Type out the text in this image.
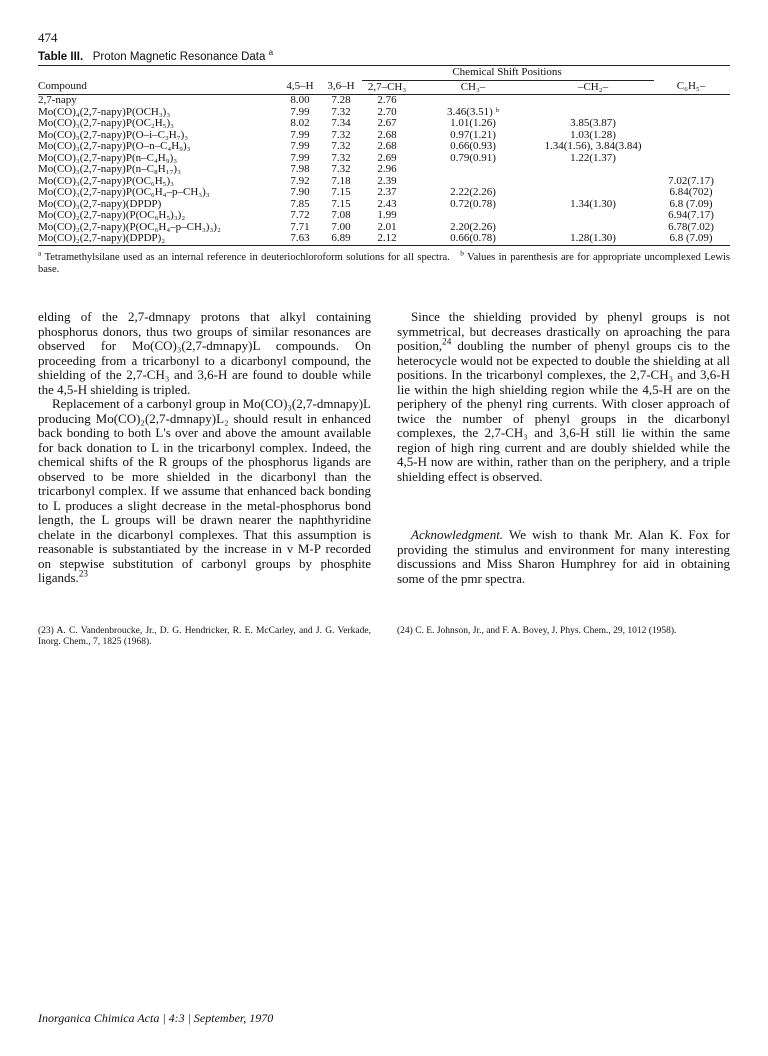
474
Table III. Proton Magnetic Resonance Data $^a$
			Chemical Shift Positions			
Compound	4,5–H	3,6–H	2,7–CH₃	CH₃–	–CH₂–	C₆H₅–
2,7-napy	8.00	7.28	2.76			
Mo(CO)₄(2,7-napy)P(OCH₃)₃	7.99	7.32	2.70	3.46(3.51) ᵇ		
Mo(CO)₃(2,7-napy)P(OC₂H₅)₃	8.02	7.34	2.67	1.01(1.26)	3.85(3.87)	
Mo(CO)₃(2,7-napy)P(O–i–C₃H₇)₃	7.99	7.32	2.68	0.97(1.21)	1.03(1.28)	
Mo(CO)₃(2,7-napy)P(O–n–C₄H₉)₃	7.99	7.32	2.68	0.66(0.93)	1.34(1.56), 3.84(3.84)	
Mo(CO)₃(2,7-napy)P(n–C₄H₉)₃	7.99	7.32	2.69	0.79(0.91)	1.22(1.37)	
Mo(CO)₃(2,7-napy)P(n–C₈H₁₇)₃	7.98	7.32	2.96			
Mo(CO)₃(2,7-napy)P(OC₆H₅)₃	7.92	7.18	2.39			7.02(7.17)
Mo(CO)₃(2,7-napy)P(OC₆H₄–p–CH₃)₃	7.90	7.15	2.37	2.22(2.26)		6.84(702)
Mo(CO)₃(2,7-napy)(DPDP)	7.85	7.15	2.43	0.72(0.78)	1.34(1.30)	6.8 (7.09)
Mo(CO)₂(2,7-napy)(P(OC₆H₅)₃)₂	7.72	7.08	1.99			6.94(7.17)
Mo(CO)₂(2,7-napy)(P(OC₆H₄–p–CH₃)₃)₂	7.71	7.00	2.01	2.20(2.26)		6.78(7.02)
Mo(CO)₂(2,7-napy)(DPDP)₂	7.63	6.89	2.12	0.66(0.78)	1.28(1.30)	6.8 (7.09)
$^a$ Tetramethylsilane used as an internal reference in deuteriochloroform solutions for all spectra. $^b$ Values in parenthesis are for appropriate uncomplexed Lewis base.

elding of the 2,7-dmnapy protons that alkyl containing phosphorus donors, thus two groups of similar resonances are observed for Mo(CO)₃(2,7-dmnapy)L compounds. On proceeding from a tricarbonyl to a dicarbonyl compound, the shielding of the 2,7-CH₃ and 3,6-H are found to double while the 4,5-H shielding is tripled.

Replacement of a carbonyl group in Mo(CO)₃(2,7-dmnapy)L producing Mo(CO)₂(2,7-dmnapy)L₂ should result in enhanced back bonding to both L's over and above the amount available for back donation to L in the tricarbonyl complex. Indeed, the chemical shifts of the R groups of the phosphorus ligands are observed to be more shielded in the dicarbonyl than the tricarbonyl complex. If we assume that enhanced back bonding to L produces a slight decrease in the metal-phosphorus bond length, the L groups will be drawn nearer the naphthyridine chelate in the dicarbonyl complexes. That this assumption is reasonable is substantiated by the increase in ν M-P recorded on stepwise substitution of carbonyl groups by phosphite ligands.$^{23}$

Since the shielding provided by phenyl groups is not symmetrical, but decreases drastically on aproaching the para position,$^{24}$ doubling the number of phenyl groups cis to the heterocycle would not be expected to double the shielding at all positions. In the tricarbonyl complexes, the 2,7-CH₃ and 3,6-H lie within the high shielding region while the 4,5-H are on the periphery of the phenyl ring currents. With closer approach of twice the number of phenyl groups in the dicarbonyl complexes, the 2,7-CH₃ and 3,6-H still lie within the same region of high ring current and are doubly shielded while the 4,5-H now are within, rather than on the periphery, and a triple shielding effect is observed.

Acknowledgment. We wish to thank Mr. Alan K. Fox for providing the stimulus and environment for many interesting discussions and Miss Sharon Humphrey for aid in obtaining some of the pmr spectra.

(23) A. C. Vandenbroucke, Jr., D. G. Hendricker, R. E. McCarley, and J. G. Verkade, Inorg. Chem., 7, 1825 (1968).
(24) C. E. Johnson, Jr., and F. A. Bovey, J. Phys. Chem., 29, 1012 (1958).
Inorganica Chimica Acta | 4:3 | September, 1970
